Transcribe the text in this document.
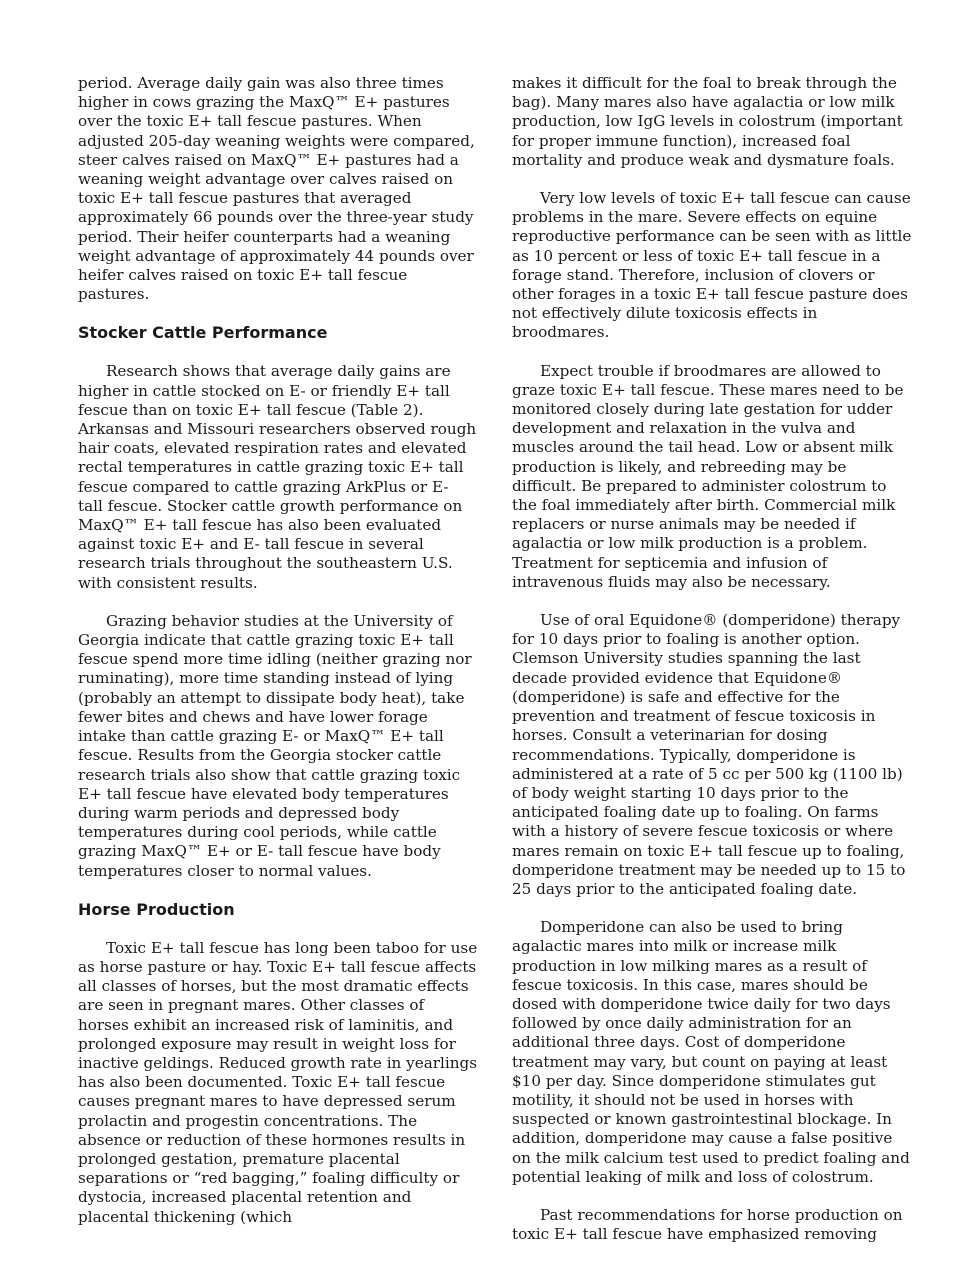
period. Average daily gain was also three times higher in cows grazing the MaxQ™ E+ pastures over the toxic E+ tall fescue pastures. When adjusted 205-day weaning weights were compared, steer calves raised on MaxQ™ E+ pastures had a weaning weight advantage over calves raised on toxic E+ tall fescue pastures that averaged approximately 66 pounds over the three-year study period. Their heifer counterparts had a weaning weight advantage of approximately 44 pounds over heifer calves raised on toxic E+ tall fescue pastures.

Stocker Cattle Performance

Research shows that average daily gains are higher in cattle stocked on E- or friendly E+ tall fescue than on toxic E+ tall fescue (Table 2). Arkansas and Missouri researchers observed rough hair coats, elevated respiration rates and elevated rectal temperatures in cattle grazing toxic E+ tall fescue compared to cattle grazing ArkPlus or E- tall fescue. Stocker cattle growth performance on MaxQ™ E+ tall fescue has also been evaluated against toxic E+ and E- tall fescue in several research trials throughout the southeastern U.S. with consistent results.

Grazing behavior studies at the University of Georgia indicate that cattle grazing toxic E+ tall fescue spend more time idling (neither grazing nor ruminating), more time standing instead of lying (probably an attempt to dissipate body heat), take fewer bites and chews and have lower forage intake than cattle grazing E- or MaxQ™ E+ tall fescue. Results from the Georgia stocker cattle research trials also show that cattle grazing toxic E+ tall fescue have elevated body temperatures during warm periods and depressed body temperatures during cool periods, while cattle grazing MaxQ™ E+ or E- tall fescue have body temperatures closer to normal values.

Horse Production

Toxic E+ tall fescue has long been taboo for use as horse pasture or hay. Toxic E+ tall fescue affects all classes of horses, but the most dramatic effects are seen in pregnant mares. Other classes of horses exhibit an increased risk of laminitis, and prolonged exposure may result in weight loss for inactive geldings. Reduced growth rate in yearlings has also been documented. Toxic E+ tall fescue causes pregnant mares to have depressed serum prolactin and progestin concentrations. The absence or reduction of these hormones results in prolonged gestation, premature placental separations or “red bagging,” foaling difficulty or dystocia, increased placental retention and placental thickening (which

makes it difficult for the foal to break through the bag). Many mares also have agalactia or low milk production, low IgG levels in colostrum (important for proper immune function), increased foal mortality and produce weak and dysmature foals.

Very low levels of toxic E+ tall fescue can cause problems in the mare. Severe effects on equine reproductive performance can be seen with as little as 10 percent or less of toxic E+ tall fescue in a forage stand. Therefore, inclusion of clovers or other forages in a toxic E+ tall fescue pasture does not effectively dilute toxicosis effects in broodmares.

Expect trouble if broodmares are allowed to graze toxic E+ tall fescue. These mares need to be monitored closely during late gestation for udder development and relaxation in the vulva and muscles around the tail head. Low or absent milk production is likely, and rebreeding may be difficult. Be prepared to administer colostrum to the foal immediately after birth. Commercial milk replacers or nurse animals may be needed if agalactia or low milk production is a problem. Treatment for septicemia and infusion of intravenous fluids may also be necessary.

Use of oral Equidone® (domperidone) therapy for 10 days prior to foaling is another option. Clemson University studies spanning the last decade provided evidence that Equidone® (domperidone) is safe and effective for the prevention and treatment of fescue toxicosis in horses. Consult a veterinarian for dosing recommendations. Typically, domperidone is administered at a rate of 5 cc per 500 kg (1100 lb) of body weight starting 10 days prior to the anticipated foaling date up to foaling. On farms with a history of severe fescue toxicosis or where mares remain on toxic E+ tall fescue up to foaling, domperidone treatment may be needed up to 15 to 25 days prior to the anticipated foaling date.

Domperidone can also be used to bring agalactic mares into milk or increase milk production in low milking mares as a result of fescue toxicosis. In this case, mares should be dosed with domperidone twice daily for two days followed by once daily administration for an additional three days. Cost of domperidone treatment may vary, but count on paying at least $10 per day. Since domperidone stimulates gut motility, it should not be used in horses with suspected or known gastrointestinal blockage. In addition, domperidone may cause a false positive on the milk calcium test used to predict foaling and potential leaking of milk and loss of colostrum.

Past recommendations for horse production on toxic E+ tall fescue have emphasized removing
